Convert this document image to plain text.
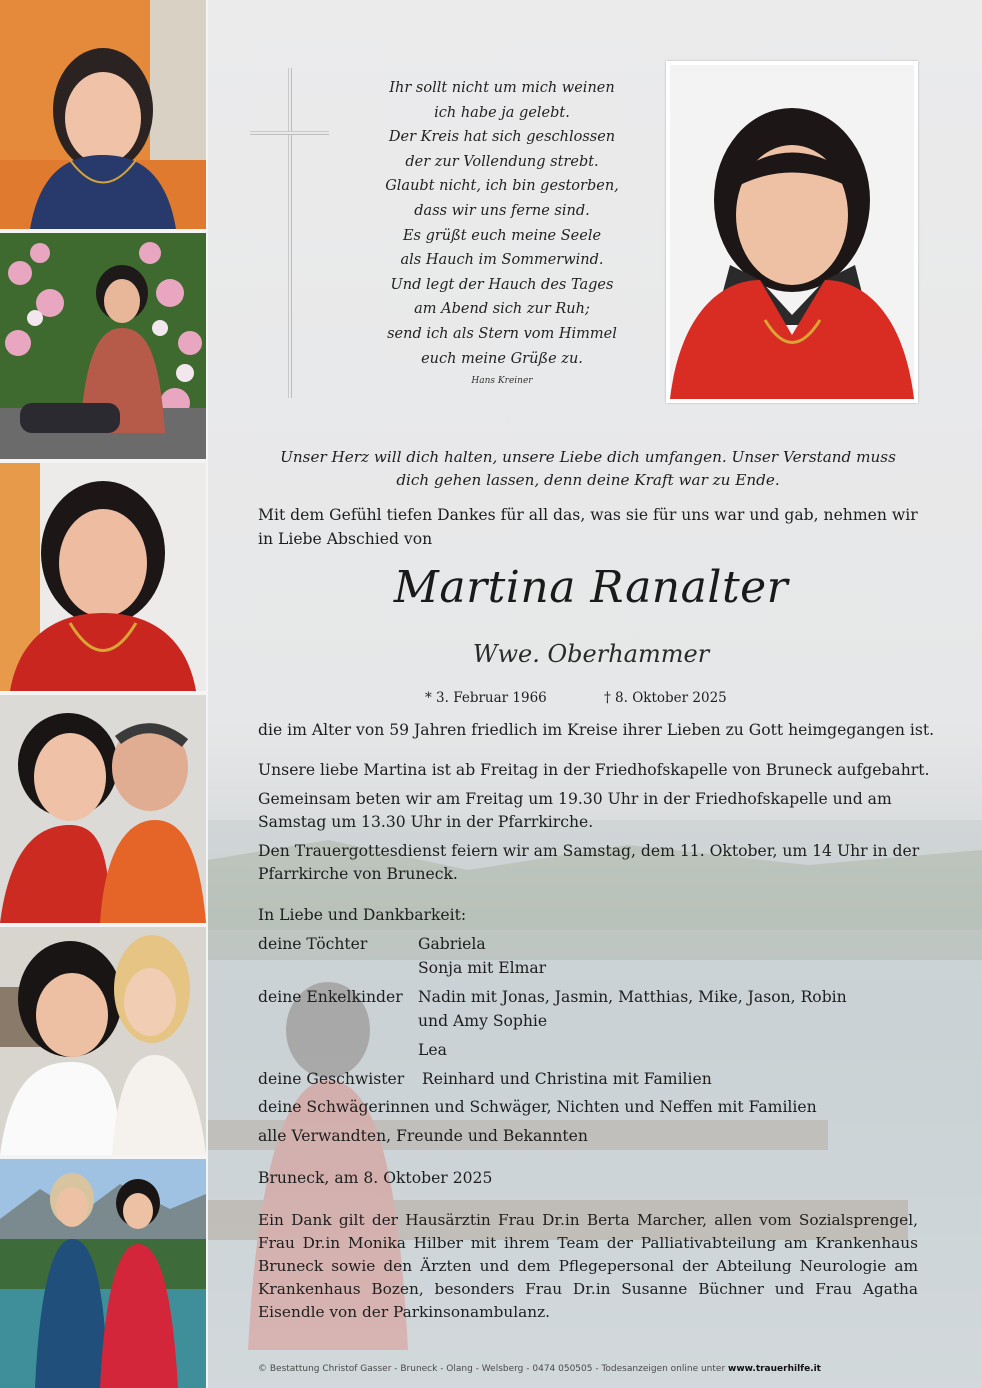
Ihr sollt nicht um mich weinen
ich habe ja gelebt.
Der Kreis hat sich geschlossen
der zur Vollendung strebt.
Glaubt nicht, ich bin gestorben,
dass wir uns ferne sind.
Es grüßt euch meine Seele
als Hauch im Sommerwind.
Und legt der Hauch des Tages
am Abend sich zur Ruh;
send ich als Stern vom Himmel
euch meine Grüße zu.
Hans Kreiner
Unser Herz will dich halten, unsere Liebe dich umfangen. Unser Verstand muss dich gehen lassen, denn deine Kraft war zu Ende.
Mit dem Gefühl tiefen Dankes für all das, was sie für uns war und gab, nehmen wir
in Liebe Abschied von
Martina Ranalter
Wwe. Oberhammer
* 3. Februar 1966	† 8. Oktober 2025
die im Alter von 59 Jahren friedlich im Kreise ihrer Lieben zu Gott heimgegangen ist.
Unsere liebe Martina ist ab Freitag in der Friedhofskapelle von Bruneck aufgebahrt.
Gemeinsam beten wir am Freitag um 19.30 Uhr in der Friedhofskapelle und am
Samstag um 13.30 Uhr in der Pfarrkirche.
Den Trauergottesdienst feiern wir am Samstag, dem 11. Oktober, um 14 Uhr in der
Pfarrkirche von Bruneck.
In Liebe und Dankbarkeit:
deine Töchter	Gabriela
Sonja mit Elmar
deine Enkelkinder Nadin mit Jonas, Jasmin, Matthias, Mike, Jason, Robin
und Amy Sophie
Lea
deine Geschwister Reinhard und Christina mit Familien
deine Schwägerinnen und Schwäger, Nichten und Neffen mit Familien
alle Verwandten, Freunde und Bekannten
Bruneck, am 8. Oktober 2025
Ein Dank gilt der Hausärztin Frau Dr.in Berta Marcher, allen vom Sozialsprengel, Frau Dr.in Monika Hilber mit ihrem Team der Palliativabteilung am Krankenhaus Bruneck sowie den Ärzten und dem Pflegepersonal der Abteilung Neurologie am Krankenhaus Bozen, besonders Frau Dr.in Susanne Büchner und Frau Agatha Eisendle von der Parkinsonambulanz.
© Bestattung Christof Gasser - Bruneck - Olang - Welsberg - 0474 050505 - Todesanzeigen online unter www.trauerhilfe.it
